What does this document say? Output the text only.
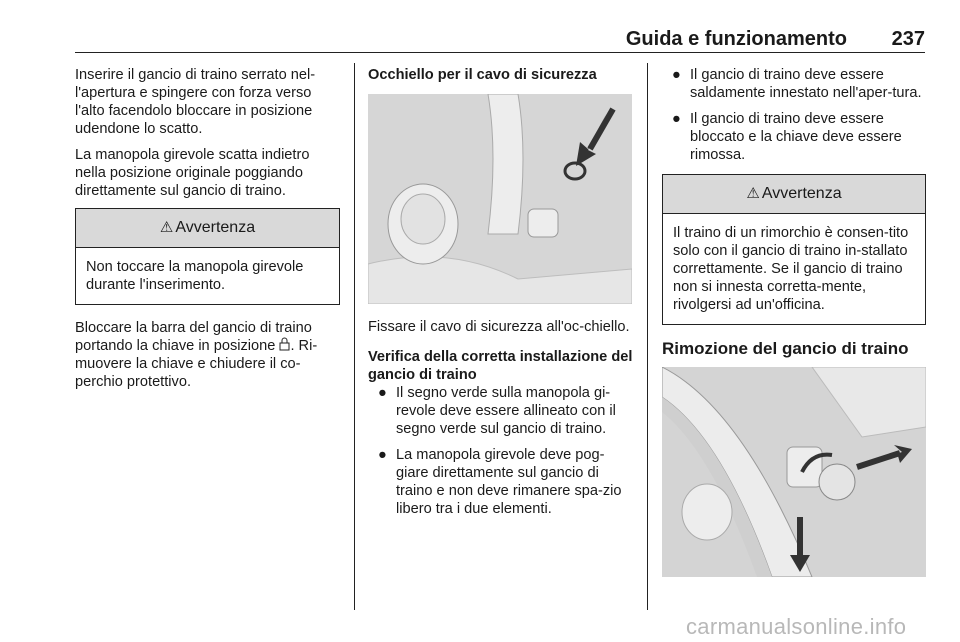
Guida e funzionamento 237

Inserire il gancio di traino serrato nel-l'apertura e spingere con forza verso l'alto facendolo bloccare in posizione udendone lo scatto.

La manopola girevole scatta indietro nella posizione originale poggiando direttamente sul gancio di traino.

⚠ Avvertenza
Non toccare la manopola girevole durante l'inserimento.

Bloccare la barra del gancio di traino portando la chiave in posizione . Ri-muovere la chiave e chiudere il co-perchio protettivo.

Occhiello per il cavo di sicurezza

Fissare il cavo di sicurezza all'oc-chiello.

Verifica della corretta installazione del gancio di traino

● Il segno verde sulla manopola gi-revole deve essere allineato con il segno verde sul gancio di traino.
● La manopola girevole deve pog-giare direttamente sul gancio di traino e non deve rimanere spa-zio libero tra i due elementi.
● Il gancio di traino deve essere saldamente innestato nell'aper-tura.
● Il gancio di traino deve essere bloccato e la chiave deve essere rimossa.
⚠ Avvertenza
Il traino di un rimorchio è consen-tito solo con il gancio di traino in-stallato correttamente. Se il gancio di traino non si innesta corretta-mente, rivolgersi ad un'officina.

Rimozione del gancio di traino

carmanualsonline.info
